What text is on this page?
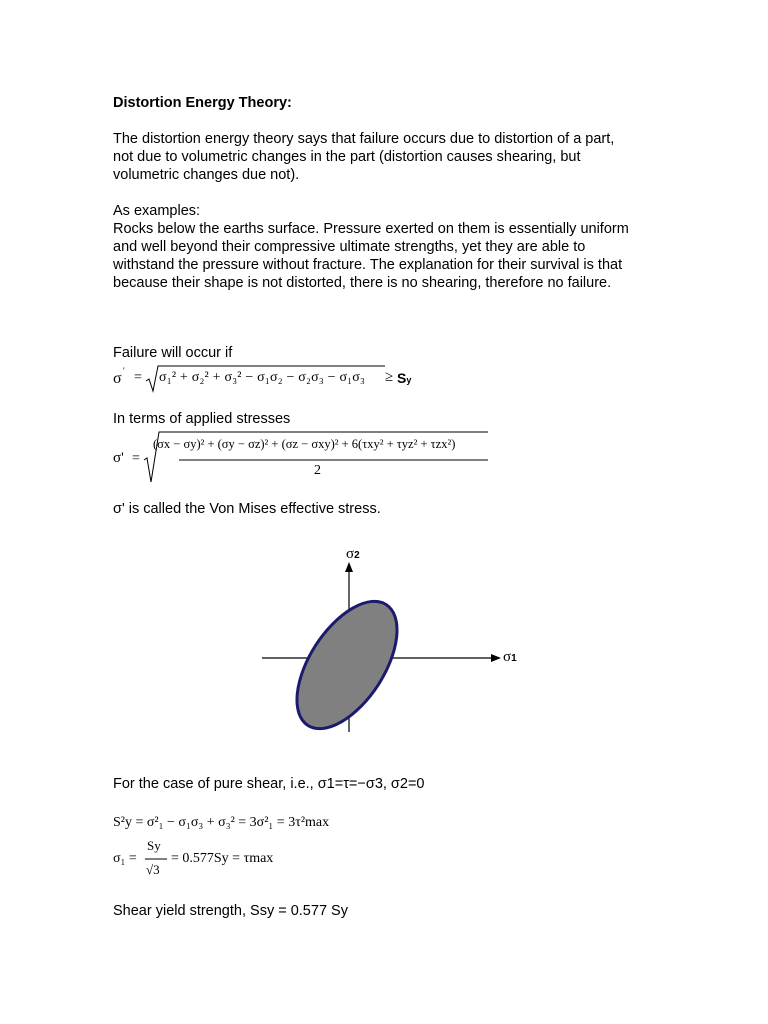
Distortion Energy Theory:
The distortion energy theory says that failure occurs due to distortion of a part,
not due to volumetric changes in the part (distortion causes shearing, but
volumetric changes due not).
As examples:
Rocks below the earths surface. Pressure exerted on them is essentially uniform
and well beyond their compressive ultimate strengths, yet they are able to
withstand the pressure without fracture. The explanation for their survival is that
because their shape is not distorted, there is no shearing, therefore no failure.
Failure will occur if
σ ' = σ₁² + σ₂² + σ₃² − σ₁σ₂ − σ₂σ₃ − σ₁σ₃ ≥ Sy
In terms of applied stresses
σ' =
(σx − σy)² + (σy − σz)² + (σz − σxy)² + 6(τxy² + τyz² + τzx²)
2
σ' is called the Von Mises effective stress.
σ2
σ1
For the case of pure shear, i.e., σ1=τ=−σ3, σ2=0
S²y = σ²₁ − σ₁σ₃ + σ₃² = 3σ²₁ = 3τ²max
σ₁ =
Sy
√3
= 0.577Sy = τmax
Shear yield strength, Ssy = 0.577 Sy
